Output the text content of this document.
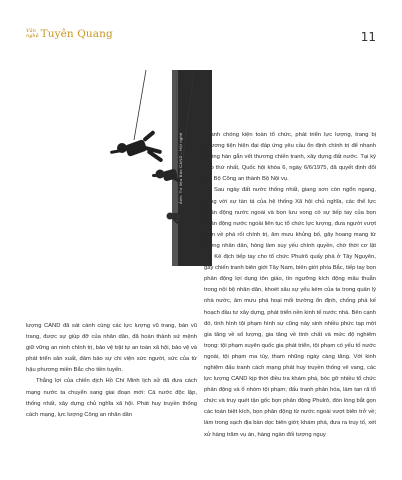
Văn
nghệ Tuyên Quang	11
Ảnh: Tư liệu Báo CAND - Hội nghệ	nhanh chóng kiện toàn tổ chức, phát triển lực lượng, trang bị phương tiện hiện đại đáp ứng yêu cầu ổn định chính trị để nhanh chóng hàn gắn vết thương chiến tranh, xây dựng đất nước. Tại kỳ họp thứ nhất, Quốc hội khóa 6, ngày 6/6/1975, đã quyết định đổi tên Bộ Công an thành Bộ Nội vụ.

Sau ngày đất nước thống nhất, giang sơn còn ngổn ngang, cùng với sự tàn tá của hệ thống Xã hội chủ nghĩa, các thế lực phản động nước ngoài và bọn lưu vong có sự tiếp tay của bọn phản động nước ngoài liên tục tổ chức lực lượng, đưa người vượt biên về phá rối chính trị, âm mưu khủng bố, gây hoang mang từ tưởng nhân dân, hòng làm suy yếu chính quyền, chờ thời cơ lật đổ. Kẻ địch tiếp tay cho tổ chức Phulrô quấy phá ở Tây Nguyên, gây chiến tranh biên giới Tây Nam, biên giới phía Bắc, tiếp tay bọn phản động lợi dụng tôn giáo, tín ngưỡng kích động mâu thuẫn trong nội bộ nhân dân, khoét sâu sự yếu kém của ta trong quản lý nhà nước, âm mưu phá hoại mối trường ổn định, chống phá kế hoạch đầu tư xây dựng, phát triển nền kinh tế nước nhà. Bên cạnh đó, tình hình tội phạm hình sự cũng nảy sinh nhiều phức tạp mới gia tăng về số lượng, gia tăng về tính chất và mức độ nghiêm trọng: tội phạm xuyên quốc gia phát triển, tội phạm có yếu tố nước ngoài, tội phạm ma túy, tham nhũng ngày càng tăng. Với kinh nghiệm đấu tranh cách mạng phát huy truyền thống vẻ vang, các lực lượng CAND kịp thời điều tra khám phá, bóc gỡ nhiều tổ chức phản động và ổ nhóm tội phạm; đấu tranh phản hóa, làm tan rã tổ chức và truy quét tận gốc bọn phản động Phulrô, đón lòng bắt gọn các toán biệt kích, bọn phản động từ nước ngoài vượt biên trở về; làm trong sạch địa bàn dọc biên giới; khám phá, đưa ra truy tố, xét xử hàng trăm vụ án, hàng ngàn đối tượng nguy

lượng CAND đã sát cánh cùng các lực lượng vũ trang, bán vũ trang, được sự giúp đỡ của nhân dân, đã hoàn thành sứ mệnh giữ vững an ninh chính trị, bảo vệ trật tự an toàn xã hội, bảo vệ và phát triển sản xuất, đảm bảo sự chi viện sức người, sức của từ hậu phương miền Bắc cho tiền tuyến.

Thắng lợi của chiến dịch Hồ Chí Minh lịch sử đã đưa cách mạng nước ta chuyển sang giai đoạn mới: Cả nước độc lập, thống nhất, xây dựng chủ nghĩa xã hội. Phát huy truyền thống cách mạng, lực lượng Công an nhân dân
